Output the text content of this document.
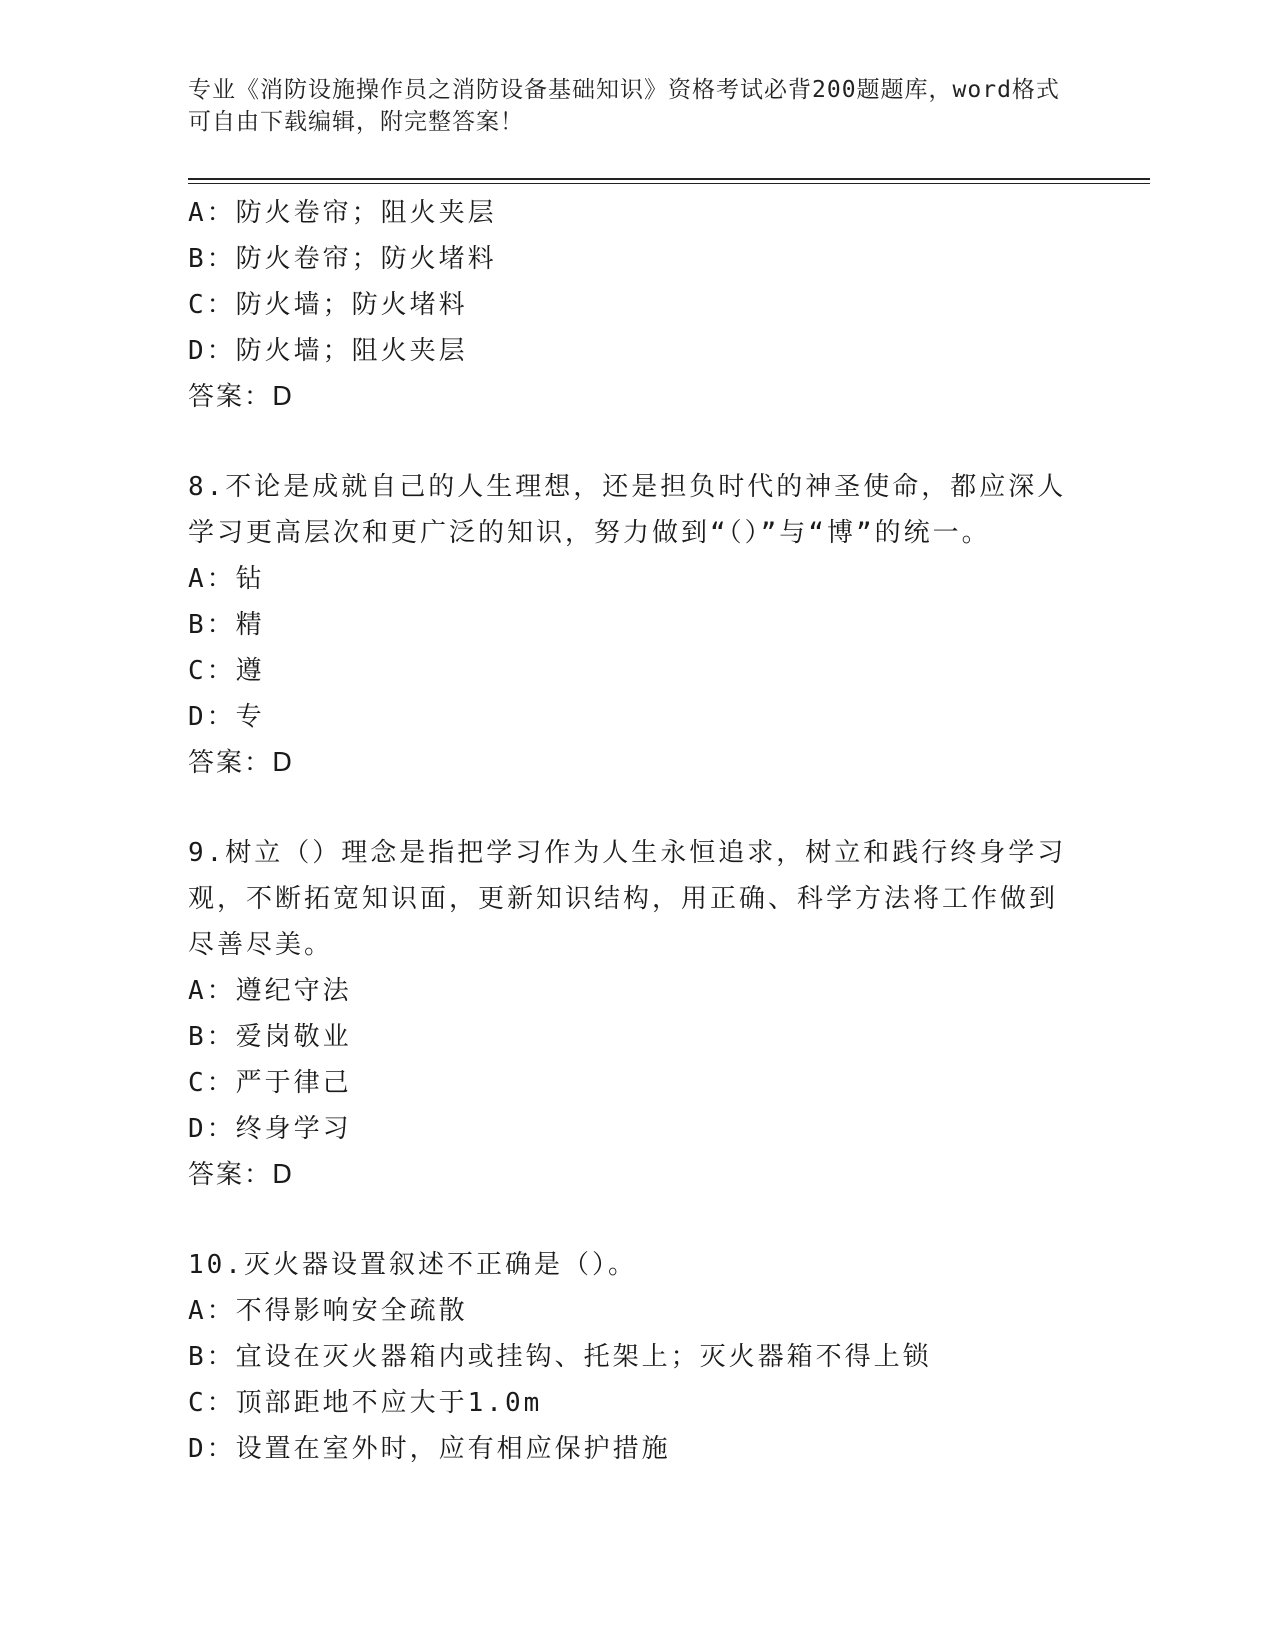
专业《消防设施操作员之消防设备基础知识》资格考试必背200题题库，word格式可自由下载编辑，附完整答案！
A：防火卷帘；阻火夹层
B：防火卷帘；防火堵料
C：防火墙；防火堵料
D：防火墙；阻火夹层
答案：D
8.不论是成就自己的人生理想，还是担负时代的神圣使命，都应深人学习更高层次和更广泛的知识，努力做到“（）”与“博”的统一。
A：钻
B：精
C：遵
D：专
答案：D
9.树立（）理念是指把学习作为人生永恒追求，树立和践行终身学习观，不断拓宽知识面，更新知识结构，用正确、科学方法将工作做到尽善尽美。
A：遵纪守法
B：爱岗敬业
C：严于律己
D：终身学习
答案：D
10.灭火器设置叙述不正确是（）。
A：不得影响安全疏散
B：宜设在灭火器箱内或挂钩、托架上；灭火器箱不得上锁
C：顶部距地不应大于1.0m
D：设置在室外时，应有相应保护措施
